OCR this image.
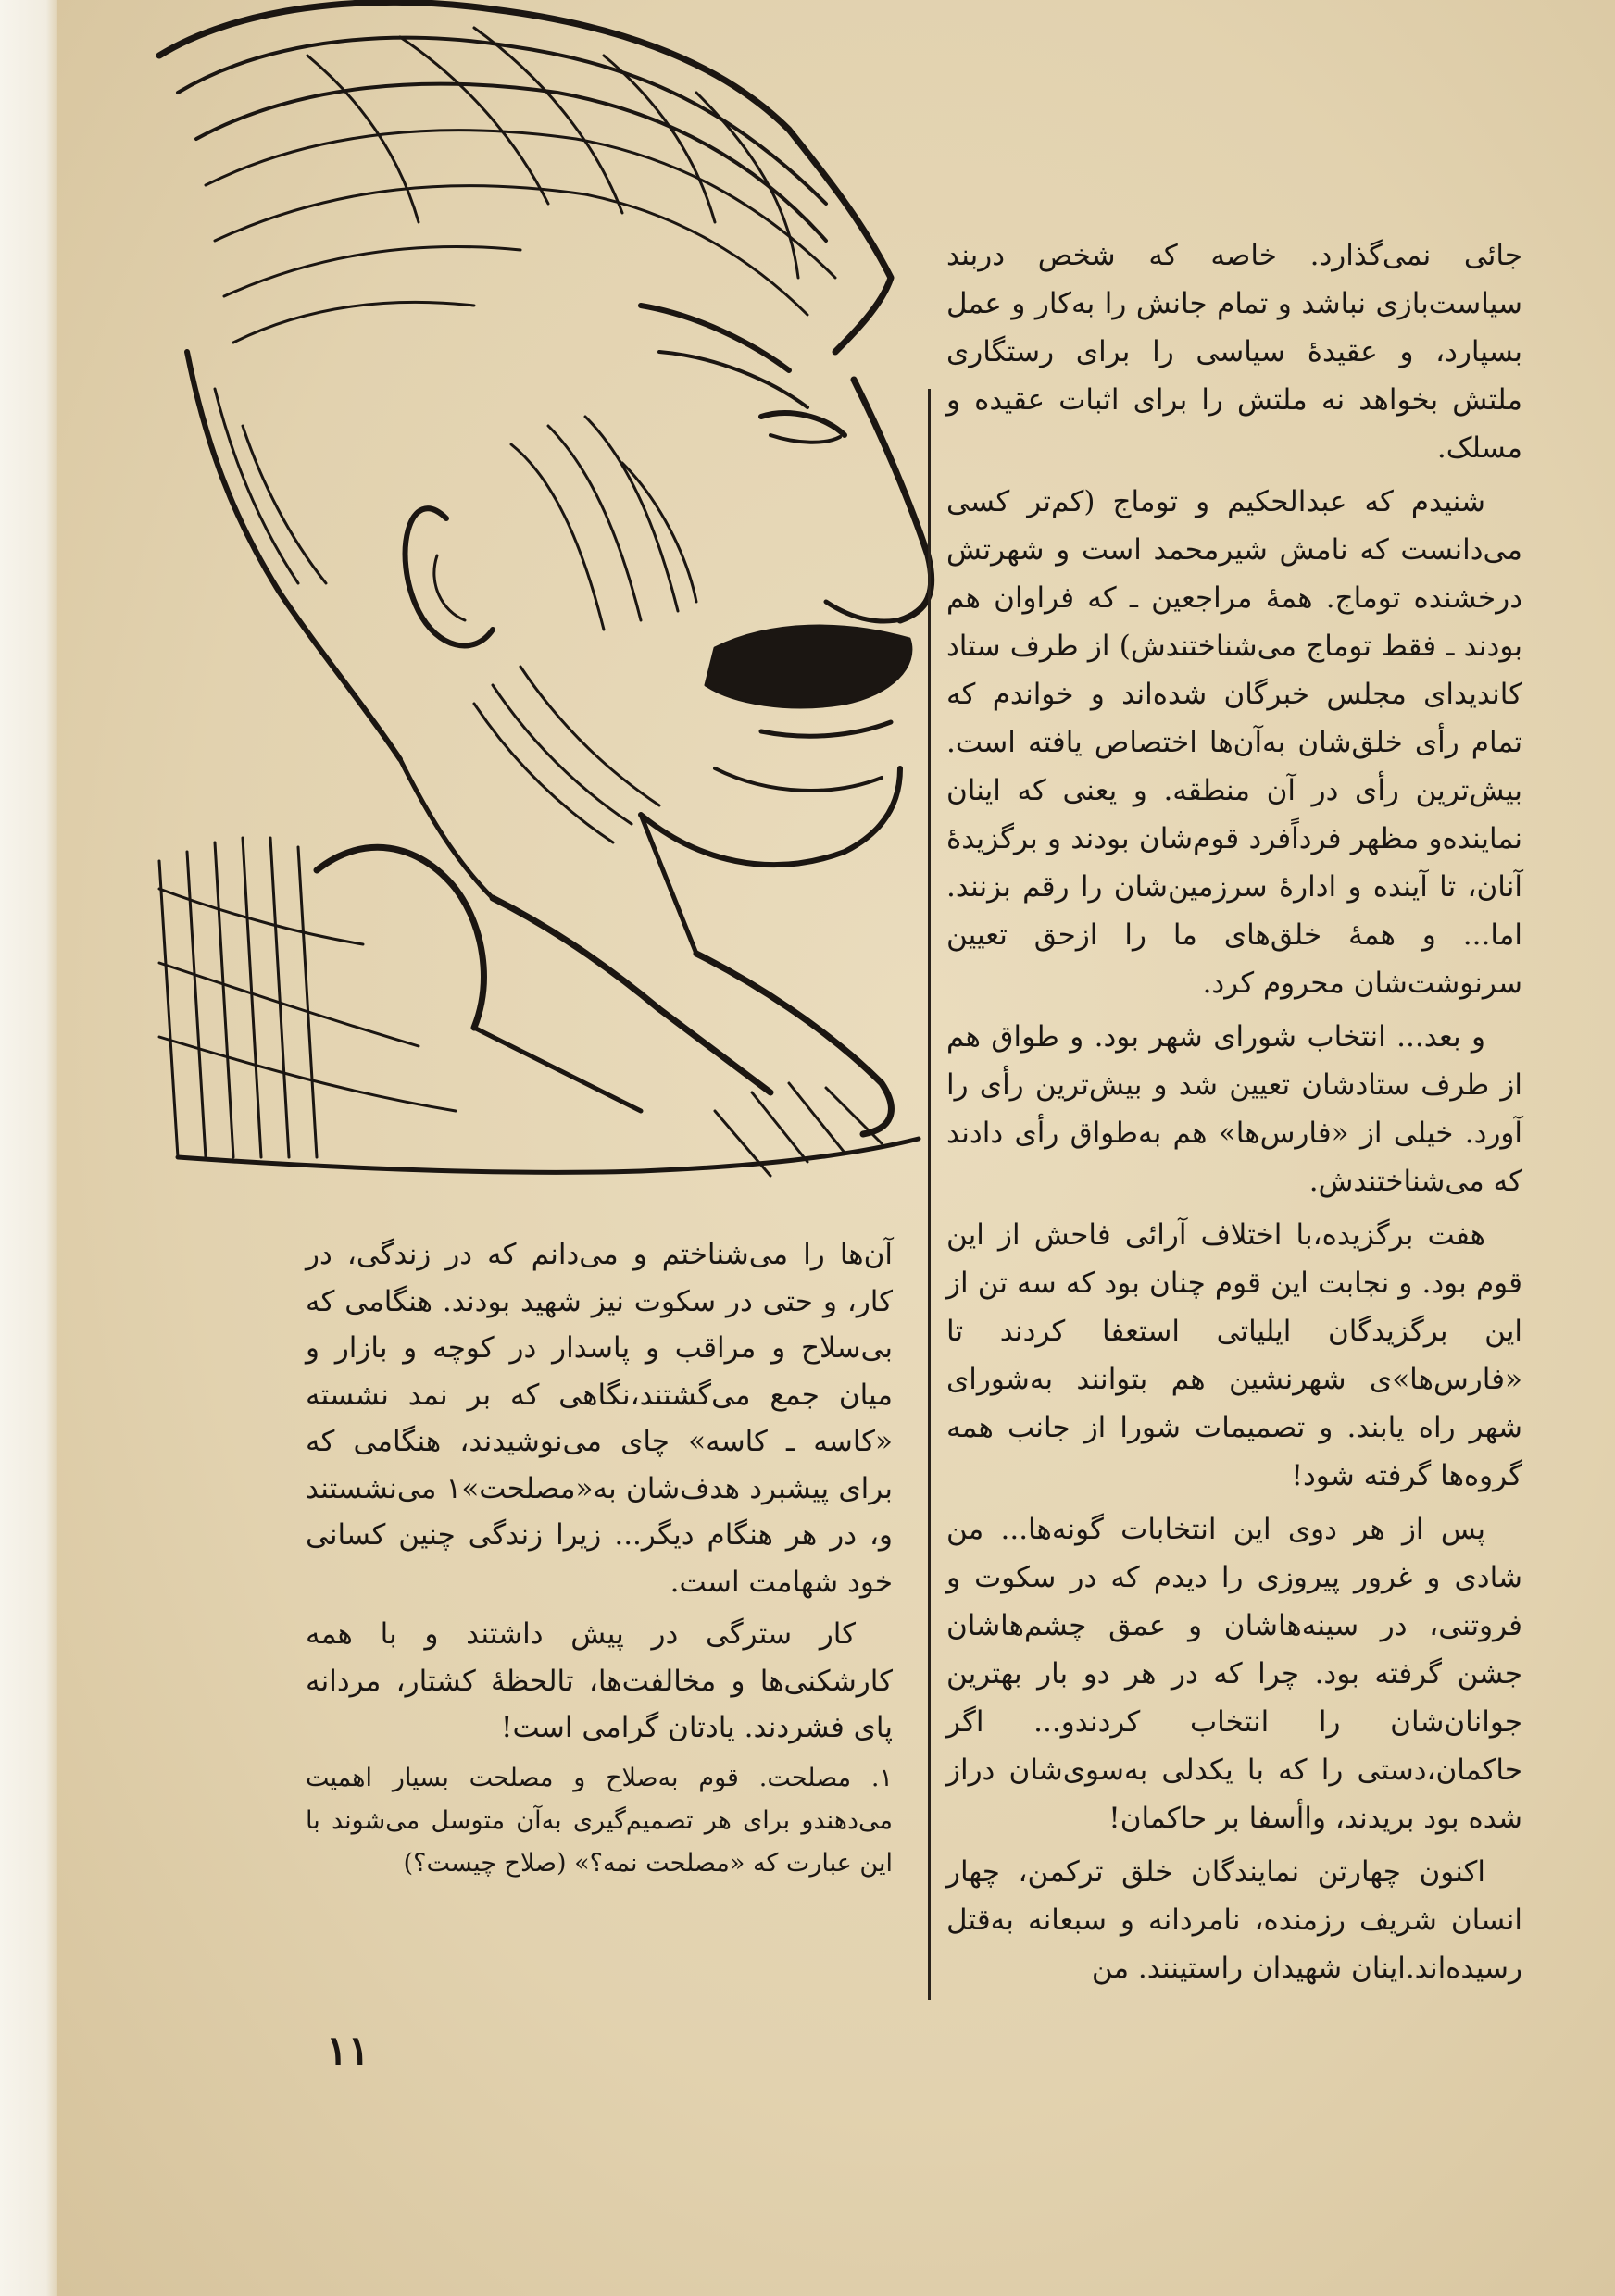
جائی نمی‌گذارد. خاصه که شخص دربند سیاست‌بازی نباشد و تمام جانش را به‌کار و عمل بسپارد، و عقیدهٔ سیاسی را برای رستگاری ملتش بخواهد نه ملتش را برای اثبات عقیده و مسلک.

شنیدم که عبدالحکیم و توماج (کم‌تر کسی می‌دانست که نامش شیرمحمد است و شهرتش درخشنده توماج. همهٔ مراجعین ـ که فراوان هم بودند ـ فقط توماج می‌شناختندش) از طرف ستاد کاندیدای مجلس خبرگان شده‌اند و خواندم که تمام رأی خلق‌شان به‌آن‌ها اختصاص یافته است. بیش‌ترین رأی در آن منطقه. و یعنی که اینان نماینده‌و مظهر فرداًفرد قوم‌شان بودند و برگزیدهٔ آنان، تا آینده و ادارهٔ سرزمین‌شان را رقم بزنند. اما... و همهٔ خلق‌های ما را ازحق تعیین سرنوشت‌شان محروم کرد.

و بعد... انتخاب شورای شهر بود. و طواق هم از طرف ستادشان تعیین شد و بیش‌ترین رأی را آورد. خیلی از «فارس‌ها» هم به‌طواق رأی دادند که می‌شناختندش.

هفت برگزیده،با اختلاف آرائی فاحش از این قوم بود. و نجابت این قوم چنان بود که سه تن از این برگزیدگان ایلیاتی استعفا کردند تا «فارس‌ها»ی شهرنشین هم بتوانند به‌شورای شهر راه یابند. و تصمیمات شورا از جانب همه گروه‌ها گرفته شود!

پس از هر دوی این انتخابات گونه‌ها... من شادی و غرور پیروزی را دیدم که در سکوت و فروتنی، در سینه‌هاشان و عمق چشم‌هاشان جشن گرفته بود. چرا که در هر دو بار بهترین جوانان‌شان را انتخاب کردند‌و... اگر حاکمان،دستی را که با یکدلی به‌سوی‌شان دراز شده بود بریدند، واأسفا بر حاکمان!

اکنون چهارتن نمایندگان خلق ترکمن، چهار انسان شریف رزمنده، نامردانه و سبعانه به‌قتل رسیده‌اند.اینان شهیدان راستینند. من

آن‌ها را می‌شناختم و می‌دانم که در زندگی، در کار، و حتی در سکوت نیز شهید بودند. هنگامی که بی‌سلاح و مراقب و پاسدار در کوچه و بازار و میان جمع می‌گشتند،نگاهی که بر نمد نشسته «کاسه ـ کاسه» چای می‌نوشیدند، هنگامی که برای پیشبرد هدف‌شان به«مصلحت»۱ می‌نشستند و، در هر هنگام دیگر... زیرا زندگی چنین کسانی خود شهامت است.

کار سترگی در پیش داشتند و با همه کارشکنی‌ها و مخالفت‌ها، تالحظهٔ کشتار، مردانه پای فشردند. یادتان گرامی است!

۱. مصلحت. قوم به‌صلاح و مصلحت بسیار اهمیت می‌دهندو برای هر تصمیم‌گیری به‌آن متوسل می‌شوند با این عبارت که «مصلحت نمه؟» (صلاح چیست؟)

۱۱
